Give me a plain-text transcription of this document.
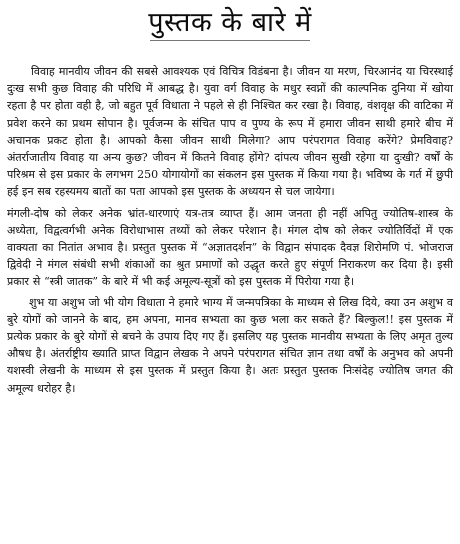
पुस्तक के बारे में

विवाह मानवीय जीवन की सबसे आवश्यक एवं विचित्र विडंबना है। जीवन या मरण, चिरआनंद या चिरस्थाई दुःख सभी कुछ विवाह की परिधि में आबद्ध है। युवा वर्ग विवाह के मधुर स्वप्नों की काल्पनिक दुनिया में खोया रहता है पर होता वही है, जो बहुत पूर्व विधाता ने पहले से ही निश्चित कर रखा है। विवाह, वंशवृक्ष की वाटिका में प्रवेश करने का प्रथम सोपान है। पूर्वजन्म के संचित पाप व पुण्य के रूप में हमारा जीवन साथी हमारे बीच में अचानक प्रकट होता है। आपको कैसा जीवन साथी मिलेगा? आप परंपरागत विवाह करेंगे? प्रेमविवाह? अंतर्राजातीय विवाह या अन्य कुछ? जीवन में कितने विवाह होंगे? दांपत्य जीवन सुखी रहेगा या दुःखी? वर्षों के परिश्रम से इस प्रकार के लगभग 250 योगायोगों का संकलन इस पुस्तक में किया गया है। भविष्य के गर्त में छुपी हई इन सब रहस्यमय बातों का पता आपको इस पुस्तक के अध्ययन से चल जायेगा।

मंगली-दोष को लेकर अनेक भ्रांत-धारणाएं यत्र-तत्र व्याप्त हैं। आम जनता ही नहीं अपितु ज्योतिष-शास्त्र के अध्येता, विद्वत्वर्गभी अनेक विरोधाभास तथ्यों को लेकर परेशान है। मंगल दोष को लेकर ज्योतिर्विदों में एक वाक्यता का नितांत अभाव है। प्रस्तुत पुस्तक में “अज्ञातदर्शन” के विद्वान संपादक दैवज्ञ शिरोमणि पं. भोजराज द्विवेदी ने मंगल संबंधी सभी शंकाओं का श्रुत प्रमाणों को उद्धृत करते हुए संपूर्ण निराकरण कर दिया है। इसी प्रकार से “स्त्री जातक” के बारे में भी कई अमूल्य-सूत्रों को इस पुस्तक में पिरोया गया है।

शुभ या अशुभ जो भी योग विधाता ने हमारे भाग्य में जन्मपत्रिका के माध्यम से लिख दिये, क्या उन अशुभ व बुरे योगों को जानने के बाद, हम अपना, मानव सभ्यता का कुछ भला कर सकते हैं? बिल्कुल!! इस पुस्तक में प्रत्येक प्रकार के बुरे योगों से बचने के उपाय दिए गए हैं। इसलिए यह पुस्तक मानवीय सभ्यता के लिए अमृत तुल्य औषध है। अंतर्राष्ट्रीय ख्याति प्राप्त विद्वान लेखक ने अपने परंपरागत संचित ज्ञान तथा वर्षों के अनुभव को अपनी यशस्वी लेखनी के माध्यम से इस पुस्तक में प्रस्तुत किया है। अतः प्रस्तुत पुस्तक निःसंदेह ज्योतिष जगत की अमूल्य धरोहर है।
